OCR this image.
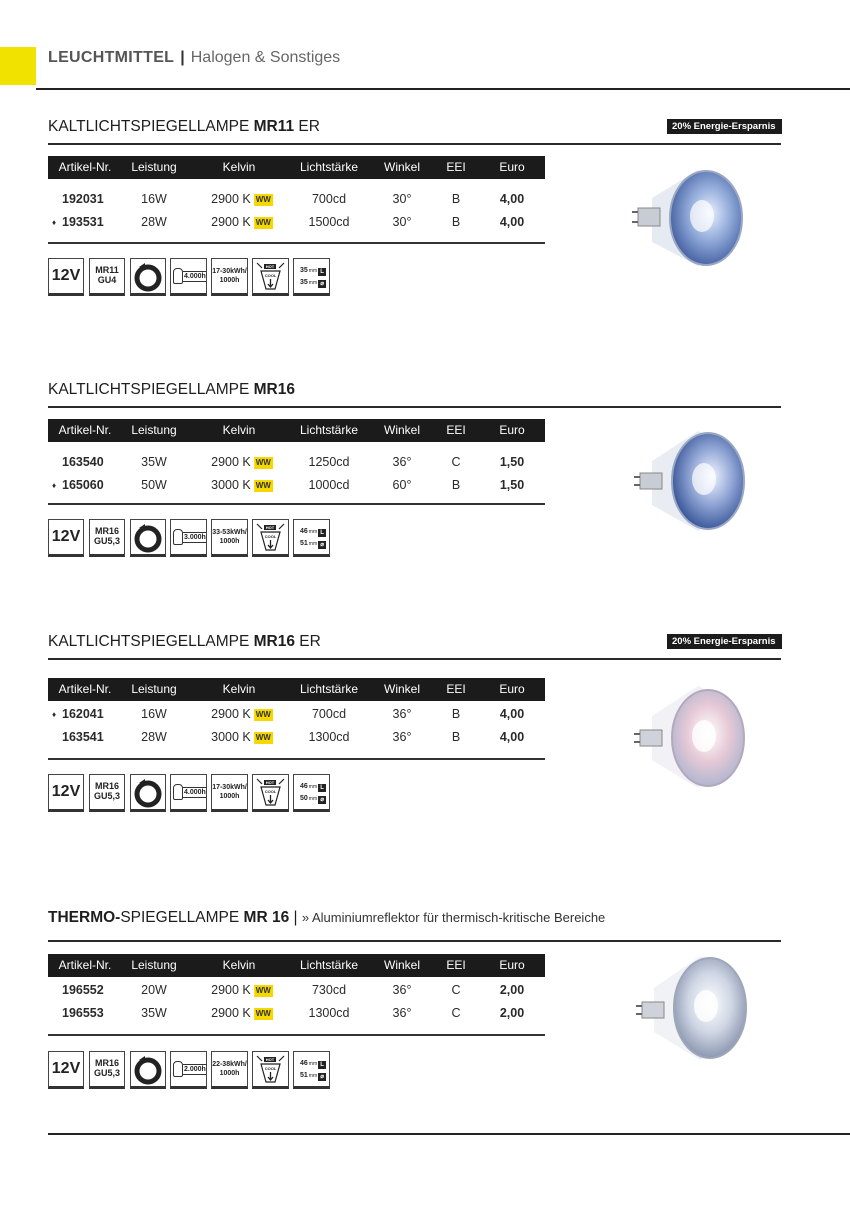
LEUCHTMITTEL | Halogen & Sonstiges
KALTLICHTSPIEGELLAMPE MR11 ER	20% Energie-Ersparnis
Artikel-Nr. Leistung	Kelvin	Lichtstärke Winkel EEI	Euro
192031	16W	2900 K WW	700cd	30°	B	4,00
♦ 193531	28W	2900 K WW	1500cd	30°	B	4,00
12V	MR11
GU4	4.000h
17-30kWh/
1000h
HOT
COOL
35mm L
35mm ⌀
KALTLICHTSPIEGELLAMPE MR16
Artikel-Nr. Leistung	Kelvin	Lichtstärke Winkel EEI	Euro
163540	35W	2900 K WW	1250cd	36°	C	1,50
♦ 165060	50W	3000 K WW	1000cd	60°	B	1,50
12V	MR16
GU5,3	3.000h
33-53kWh/
1000h
HOT
COOL
46mm L
51mm ⌀
KALTLICHTSPIEGELLAMPE MR16 ER	20% Energie-Ersparnis
Artikel-Nr. Leistung	Kelvin	Lichtstärke Winkel EEI	Euro
♦ 162041	16W	2900 K WW	700cd	36°	B	4,00
163541	28W	3000 K WW	1300cd	36°	B	4,00
12V	MR16
GU5,3	4.000h
17-30kWh/
1000h
HOT
COOL
46mm L
50mm ⌀
THERMO-SPIEGELLAMPE MR 16 | » Aluminiumreflektor für thermisch-kritische Bereiche
Artikel-Nr. Leistung	Kelvin	Lichtstärke Winkel EEI	Euro
196552	20W	2900 K WW	730cd	36°	C	2,00
196553	35W	2900 K WW	1300cd	36°	C	2,00
12V	MR16
GU5,3	2.000h
22-38kWh/
1000h
HOT
COOL
46mm L
51mm ⌀
